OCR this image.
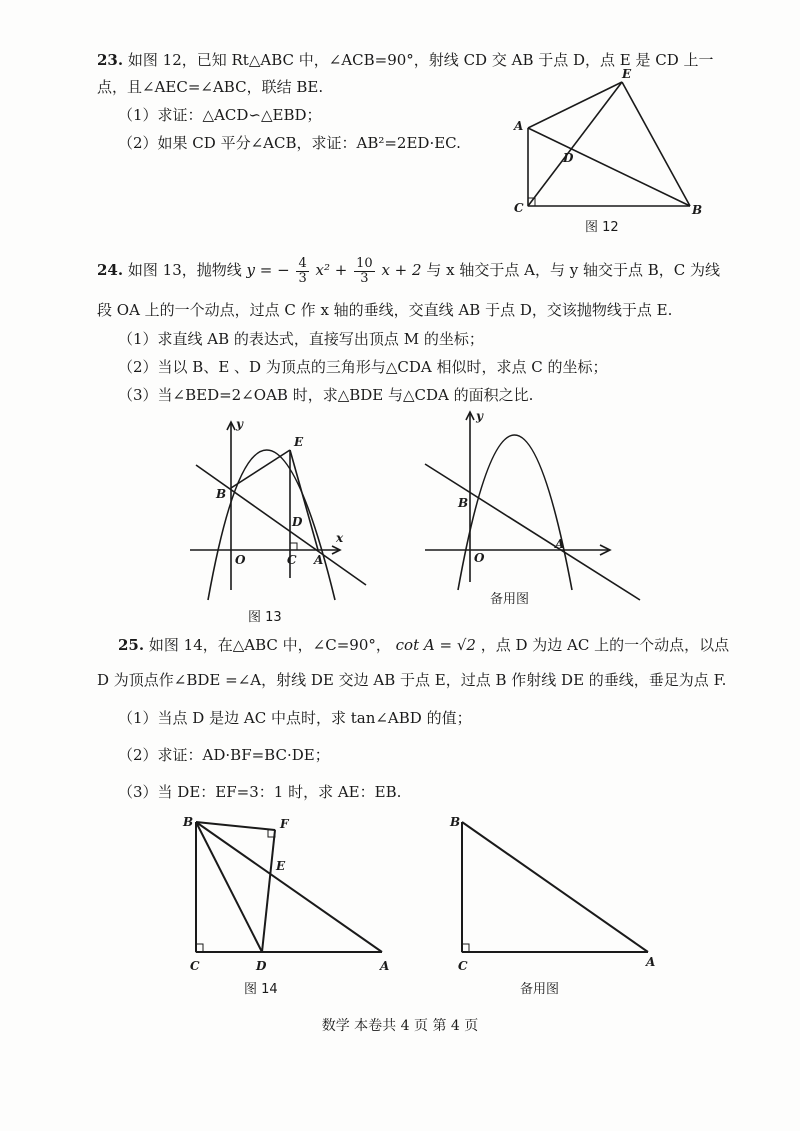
23. 如图 12，已知 Rt△ABC 中，∠ACB=90°，射线 CD 交 AB 于点 D，点 E 是 CD 上一
点，且∠AEC=∠ABC，联结 BE.
（1）求证：△ACD∽△EBD；
（2）如果 CD 平分∠ACB，求证：AB²=2ED·EC.
A
C	B
E
D
图 12
24. 如图 13，抛物线 y = − $\frac{4}{3} x^2 + \frac{10}{3}$ x + 2 与 x 轴交于点 A，与 y 轴交于点 B，C 为线
段 OA 上的一个动点，过点 C 作 x 轴的垂线，交直线 AB 于点 D，交该抛物线于点 E.
（1）求直线 AB 的表达式，直接写出顶点 M 的坐标；
（2）当以 B、E 、D 为顶点的三角形与△CDA 相似时，求点 C 的坐标；
（3）当∠BED=2∠OAB 时，求△BDE 与△CDA 的面积之比.
y
x
B
E
D
O	C A
图 13
y
B
O
A
备用图
25. 如图 14，在△ABC 中，∠C=90°， cot A = √2 ，点 D 为边 AC 上的一个动点，以点
D 为顶点作∠BDE =∠A，射线 DE 交边 AB 于点 E，过点 B 作射线 DE 的垂线，垂足为点 F.
（1）当点 D 是边 AC 中点时，求 tan∠ABD 的值；
（2）求证：AD·BF=BC·DE；
（3）当 DE：EF=3：1 时，求 AE：EB.
B	F
E
C	D	A
图 14
B
C	A
备用图
数学 本卷共 4 页 第 4 页
